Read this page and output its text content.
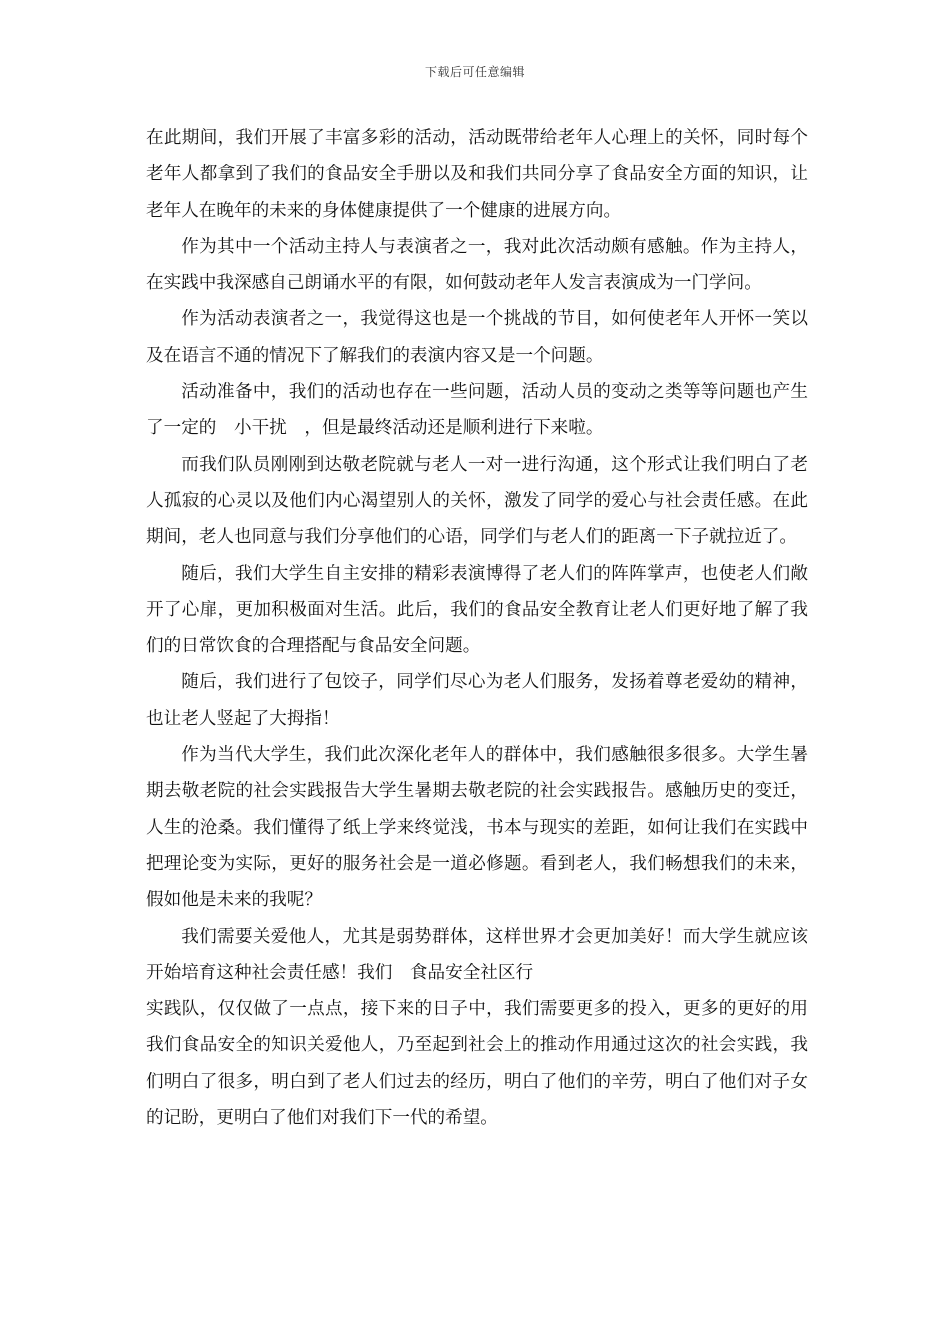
下载后可任意编辑

在此期间，我们开展了丰富多彩的活动，活动既带给老年人心理上的关怀，同时每个老年人都拿到了我们的食品安全手册以及和我们共同分享了食品安全方面的知识，让老年人在晚年的未来的身体健康提供了一个健康的进展方向。

作为其中一个活动主持人与表演者之一，我对此次活动颇有感触。作为主持人，在实践中我深感自己朗诵水平的有限，如何鼓动老年人发言表演成为一门学问。

作为活动表演者之一，我觉得这也是一个挑战的节目，如何使老年人开怀一笑以及在语言不通的情况下了解我们的表演内容又是一个问题。

活动准备中，我们的活动也存在一些问题，活动人员的变动之类等等问题也产生了一定的　小干扰　，但是最终活动还是顺利进行下来啦。

而我们队员刚刚到达敬老院就与老人一对一进行沟通，这个形式让我们明白了老人孤寂的心灵以及他们内心渴望别人的关怀，激发了同学的爱心与社会责任感。在此期间，老人也同意与我们分享他们的心语，同学们与老人们的距离一下子就拉近了。

随后，我们大学生自主安排的精彩表演博得了老人们的阵阵掌声，也使老人们敞开了心扉，更加积极面对生活。此后，我们的食品安全教育让老人们更好地了解了我们的日常饮食的合理搭配与食品安全问题。

随后，我们进行了包饺子，同学们尽心为老人们服务，发扬着尊老爱幼的精神，也让老人竖起了大拇指！

作为当代大学生，我们此次深化老年人的群体中，我们感触很多很多。大学生暑期去敬老院的社会实践报告大学生暑期去敬老院的社会实践报告。感触历史的变迁，人生的沧桑。我们懂得了纸上学来终觉浅，书本与现实的差距，如何让我们在实践中把理论变为实际，更好的服务社会是一道必修题。看到老人，我们畅想我们的未来，假如他是未来的我呢？

我们需要关爱他人，尤其是弱势群体，这样世界才会更加美好！而大学生就应该开始培育这种社会责任感！我们　食品安全社区行

实践队，仅仅做了一点点，接下来的日子中，我们需要更多的投入，更多的更好的用我们食品安全的知识关爱他人，乃至起到社会上的推动作用通过这次的社会实践，我们明白了很多，明白到了老人们过去的经历，明白了他们的辛劳，明白了他们对子女的记盼，更明白了他们对我们下一代的希望。
